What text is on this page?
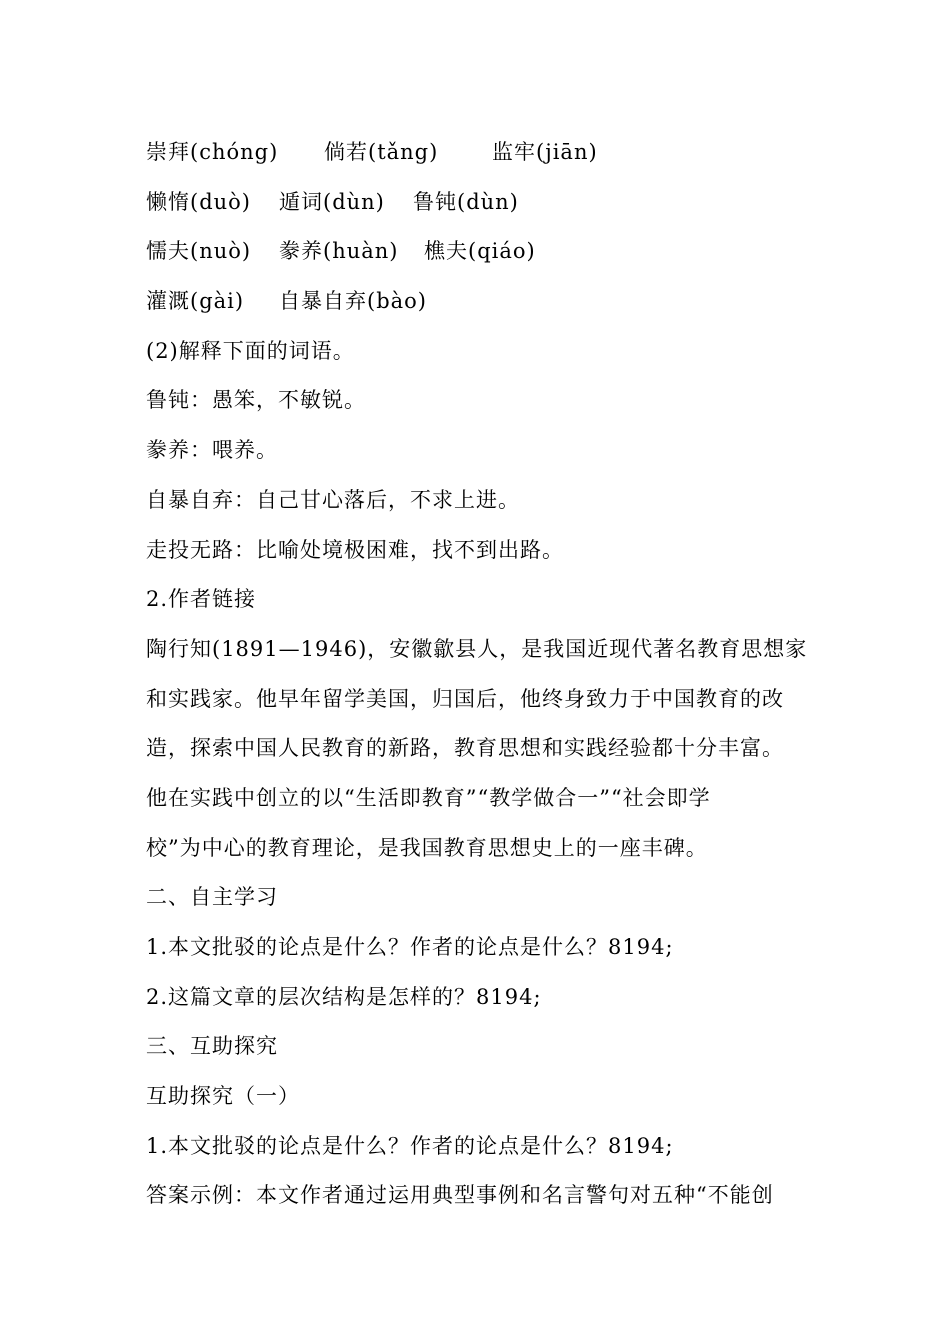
崇拜(chóng) 倘若(tǎng)	监牢(jiān)
懒惰(duò) 遁词(dùn) 鲁钝(dùn)
懦夫(nuò) 豢养(huàn) 樵夫(qiáo)
灌溉(gài) 自暴自弃(bào)
(2)解释下面的词语。
鲁钝：愚笨，不敏锐。
豢养：喂养。
自暴自弃：自己甘心落后，不求上进。
走投无路：比喻处境极困难，找不到出路。
2.作者链接
陶行知(1891—1946)，安徽歙县人，是我国近现代著名教育思想家
和实践家。他早年留学美国，归国后，他终身致力于中国教育的改
造，探索中国人民教育的新路，教育思想和实践经验都十分丰富。
他在实践中创立的以“生活即教育”“教学做合一”“社会即学
校”为中心的教育理论，是我国教育思想史上的一座丰碑。
二、自主学习
1.本文批驳的论点是什么？作者的论点是什么？8194;
2.这篇文章的层次结构是怎样的？8194;
三、互助探究
互助探究（一）
1.本文批驳的论点是什么？作者的论点是什么？8194;
答案示例：本文作者通过运用典型事例和名言警句对五种“不能创
